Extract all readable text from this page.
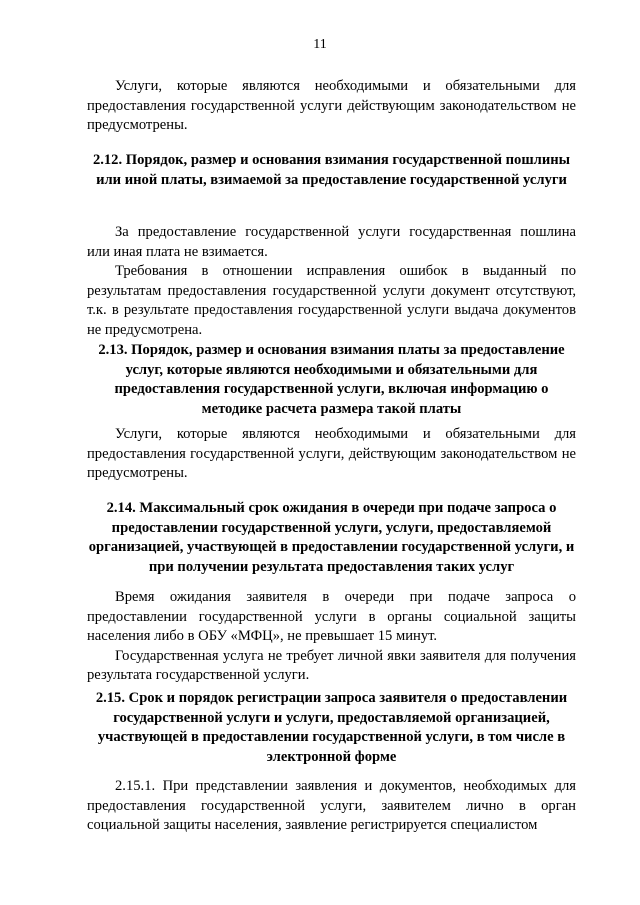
11

Услуги, которые являются необходимыми и обязательными для предоставления государственной услуги действующим законодательством не предусмотрены.

2.12. Порядок, размер и основания взимания государственной пошлины или иной платы, взимаемой за предоставление государственной услуги

За предоставление государственной услуги государственная пошлина или иная плата не взимается.

Требования в отношении исправления ошибок в выданный по результатам предоставления государственной услуги документ отсутствуют, т.к. в результате предоставления государственной услуги выдача документов не предусмотрена.

2.13. Порядок, размер и основания взимания платы за предоставление услуг, которые являются необходимыми и обязательными для предоставления государственной услуги, включая информацию о методике расчета размера такой платы

Услуги, которые являются необходимыми и обязательными для предоставления государственной услуги, действующим законодательством не предусмотрены.

2.14. Максимальный срок ожидания в очереди при подаче запроса о предоставлении государственной услуги, услуги, предоставляемой организацией, участвующей в предоставлении государственной услуги, и при получении результата предоставления таких услуг

Время ожидания заявителя в очереди при подаче запроса о предоставлении государственной услуги в органы социальной защиты населения либо в ОБУ «МФЦ», не превышает 15 минут.

Государственная услуга не требует личной явки заявителя для получения результата государственной услуги.

2.15. Срок и порядок регистрации запроса заявителя о предоставлении государственной услуги и услуги, предоставляемой организацией, участвующей в предоставлении государственной услуги, в том числе в электронной форме

2.15.1. При представлении заявления и документов, необходимых для предоставления государственной услуги, заявителем лично в орган социальной защиты населения, заявление регистрируется специалистом
